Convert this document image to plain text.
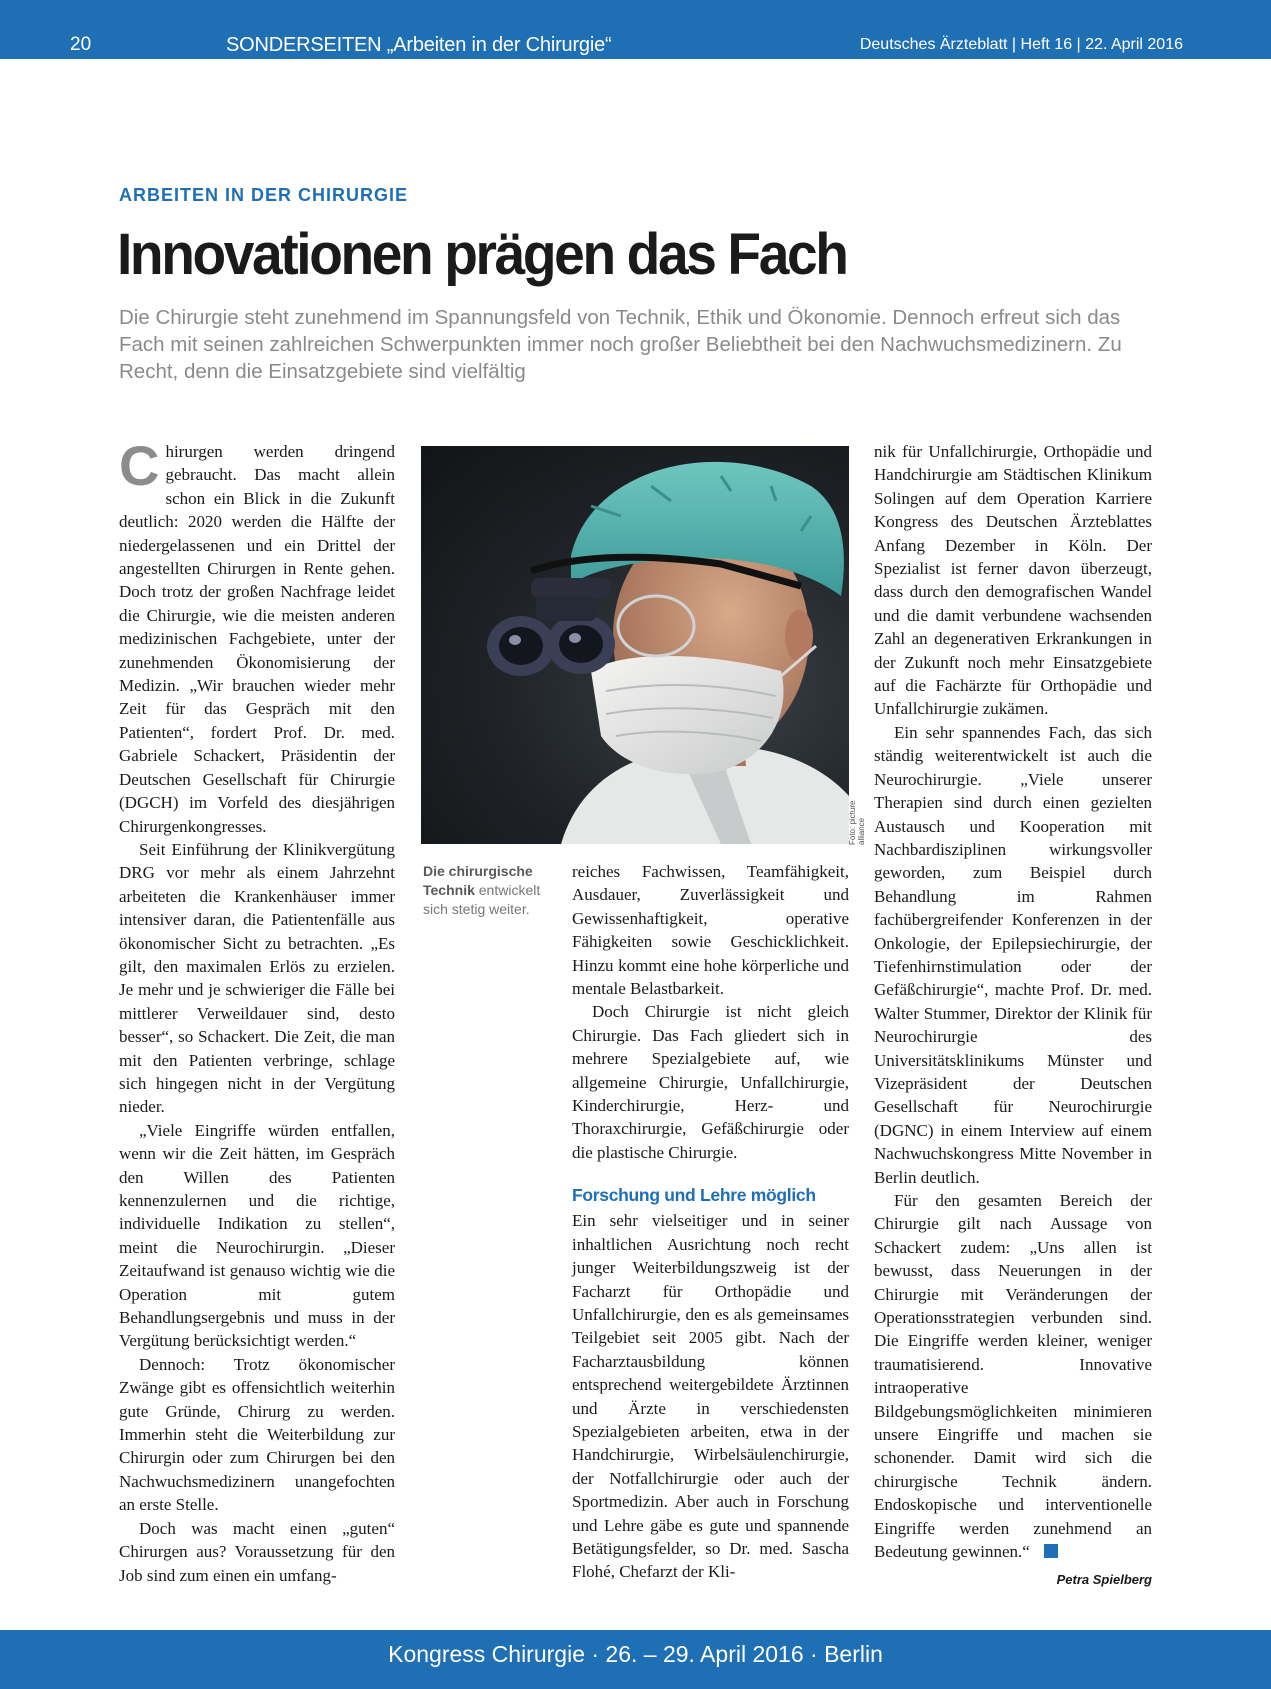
20	SONDERSEITEN „Arbeiten in der Chirurgie“	Deutsches Ärzteblatt | Heft 16 | 22. April 2016
ARBEITEN IN DER CHIRURGIE
Innovationen prägen das Fach
Die Chirurgie steht zunehmend im Spannungsfeld von Technik, Ethik und Ökonomie. Dennoch erfreut sich das Fach mit seinen zahlreichen Schwerpunkten immer noch großer Beliebtheit bei den Nachwuchsmedizinern. Zu Recht, denn die Einsatzgebiete sind vielfältig

Chirurgen werden dringend gebraucht. Das macht allein schon ein Blick in die Zukunft deutlich: 2020 werden die Hälfte der niedergelassenen und ein Drittel der angestellten Chirurgen in Rente gehen. Doch trotz der großen Nachfrage leidet die Chirurgie, wie die meisten anderen medizinischen Fachgebiete, unter der zunehmenden Ökonomisierung der Medizin. „Wir brauchen wieder mehr Zeit für das Gespräch mit den Patienten“, fordert Prof. Dr. med. Gabriele Schackert, Präsidentin der Deutschen Gesellschaft für Chirurgie (DGCH) im Vorfeld des diesjährigen Chirurgenkongresses.

Seit Einführung der Klinikvergütung DRG vor mehr als einem Jahrzehnt arbeiteten die Krankenhäuser immer intensiver daran, die Patientenfälle aus ökonomischer Sicht zu betrachten. „Es gilt, den maximalen Erlös zu erzielen. Je mehr und je schwieriger die Fälle bei mittlerer Verweildauer sind, desto besser“, so Schackert. Die Zeit, die man mit den Patienten verbringe, schlage sich hingegen nicht in der Vergütung nieder.

„Viele Eingriffe würden entfallen, wenn wir die Zeit hätten, im Gespräch den Willen des Patienten kennenzulernen und die richtige, individuelle Indikation zu stellen“, meint die Neurochirurgin. „Dieser Zeitaufwand ist genauso wichtig wie die Operation mit gutem Behandlungsergebnis und muss in der Vergütung berücksichtigt werden.“

Dennoch: Trotz ökonomischer Zwänge gibt es offensichtlich weiterhin gute Gründe, Chirurg zu werden. Immerhin steht die Weiterbildung zur Chirurgin oder zum Chirurgen bei den Nachwuchsmedizinern unangefochten an erste Stelle.

Doch was macht einen „guten“ Chirurgen aus? Voraussetzung für den Job sind zum einen ein umfang-

Foto: picture alliance
Die chirurgische Technik entwickelt sich stetig weiter.

reiches Fachwissen, Teamfähigkeit, Ausdauer, Zuverlässigkeit und Gewissenhaftigkeit, operative Fähigkeiten sowie Geschicklichkeit. Hinzu kommt eine hohe körperliche und mentale Belastbarkeit.

Doch Chirurgie ist nicht gleich Chirurgie. Das Fach gliedert sich in mehrere Spezialgebiete auf, wie allgemeine Chirurgie, Unfallchirurgie, Kinderchirurgie, Herz- und Thoraxchirurgie, Gefäßchirurgie oder die plastische Chirurgie.

Forschung und Lehre möglich

Ein sehr vielseitiger und in seiner inhaltlichen Ausrichtung noch recht junger Weiterbildungszweig ist der Facharzt für Orthopädie und Unfallchirurgie, den es als gemeinsames Teilgebiet seit 2005 gibt. Nach der Facharztausbildung können entsprechend weitergebildete Ärztinnen und Ärzte in verschiedensten Spezialgebieten arbeiten, etwa in der Handchirurgie, Wirbelsäulenchirurgie, der Notfallchirurgie oder auch der Sportmedizin. Aber auch in Forschung und Lehre gäbe es gute und spannende Betätigungsfelder, so Dr. med. Sascha Flohé, Chefarzt der Kli-

nik für Unfallchirurgie, Orthopädie und Handchirurgie am Städtischen Klinikum Solingen auf dem Operation Karriere Kongress des Deutschen Ärzteblattes Anfang Dezember in Köln. Der Spezialist ist ferner davon überzeugt, dass durch den demografischen Wandel und die damit verbundene wachsenden Zahl an degenerativen Erkrankungen in der Zukunft noch mehr Einsatzgebiete auf die Fachärzte für Orthopädie und Unfallchirurgie zukämen.

Ein sehr spannendes Fach, das sich ständig weiterentwickelt ist auch die Neurochirurgie. „Viele unserer Therapien sind durch einen gezielten Austausch und Kooperation mit Nachbardisziplinen wirkungsvoller geworden, zum Beispiel durch Behandlung im Rahmen fachübergreifender Konferenzen in der Onkologie, der Epilepsiechirurgie, der Tiefenhirnstimulation oder der Gefäßchirurgie“, machte Prof. Dr. med. Walter Stummer, Direktor der Klinik für Neurochirurgie des Universitätsklinikums Münster und Vizepräsident der Deutschen Gesellschaft für Neurochirurgie (DGNC) in einem Interview auf einem Nachwuchskongress Mitte November in Berlin deutlich.

Für den gesamten Bereich der Chirurgie gilt nach Aussage von Schackert zudem: „Uns allen ist bewusst, dass Neuerungen in der Chirurgie mit Veränderungen der Operationsstrategien verbunden sind. Die Eingriffe werden kleiner, weniger traumatisierend. Innovative intraoperative Bildgebungsmöglichkeiten minimieren unsere Eingriffe und machen sie schonender. Damit wird sich die chirurgische Technik ändern. Endoskopische und interventionelle Eingriffe werden zunehmend an Bedeutung gewinnen.“

Petra Spielberg
Kongress Chirurgie · 26. – 29. April 2016 · Berlin
